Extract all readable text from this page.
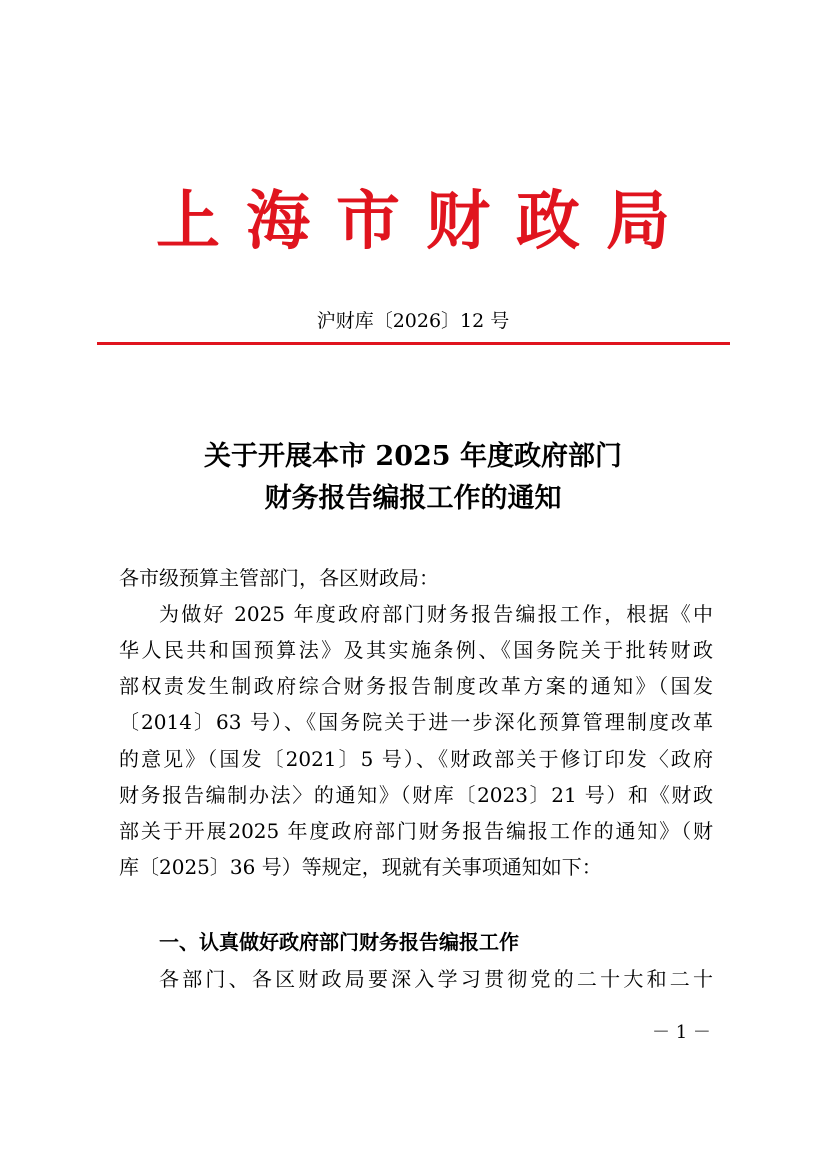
上海市财政局
沪财库〔2026〕12 号
关于开展本市 2025 年度政府部门
财务报告编报工作的通知
各市级预算主管部门，各区财政局：
为做好 2025 年度政府部门财务报告编报工作，根据《中
华人民共和国预算法》及其实施条例、《国务院关于批转财政
部权责发生制政府综合财务报告制度改革方案的通知》（国发
〔2014〕63 号）、《国务院关于进一步深化预算管理制度改革
的意见》（国发〔2021〕5 号）、《财政部关于修订印发〈政府
财务报告编制办法〉的通知》（财库〔2023〕21 号）和《财政
部关于开展2025 年度政府部门财务报告编报工作的通知》（财
库〔2025〕36 号）等规定，现就有关事项通知如下：
一、认真做好政府部门财务报告编报工作
各部门、各区财政局要深入学习贯彻党的二十大和二十
－ 1 －
